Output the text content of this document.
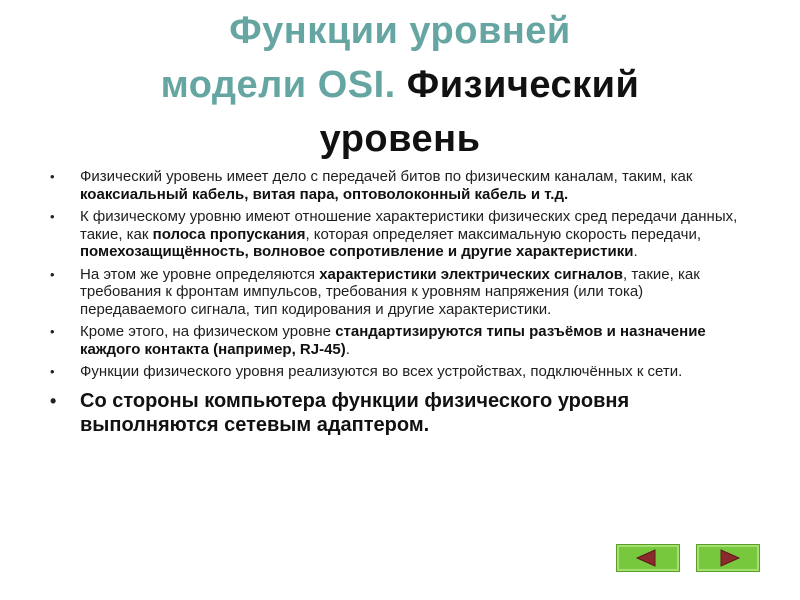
Функции уровней
модели OSI. Физический
уровень
• Физический уровень имеет дело с передачей битов по физическим каналам, таким, как коаксиальный кабель, витая пара, оптоволоконный кабель и т.д.
• К физическому уровню имеют отношение характеристики физических сред передачи данных, такие, как полоса пропускания, которая определяет максимальную скорость передачи, помехозащищённость, волновое сопротивление и другие характеристики.
• На этом же уровне определяются характеристики электрических сигналов, такие, как требования к фронтам импульсов, требования к уровням напряжения (или тока) передаваемого сигнала, тип кодирования и другие характеристики.
• Кроме этого, на физическом уровне стандартизируются типы разъёмов и назначение каждого контакта (например, RJ-45).
• Функции физического уровня реализуются во всех устройствах, подключённых к сети.
• Со стороны компьютера функции физического уровня выполняются сетевым адаптером.
